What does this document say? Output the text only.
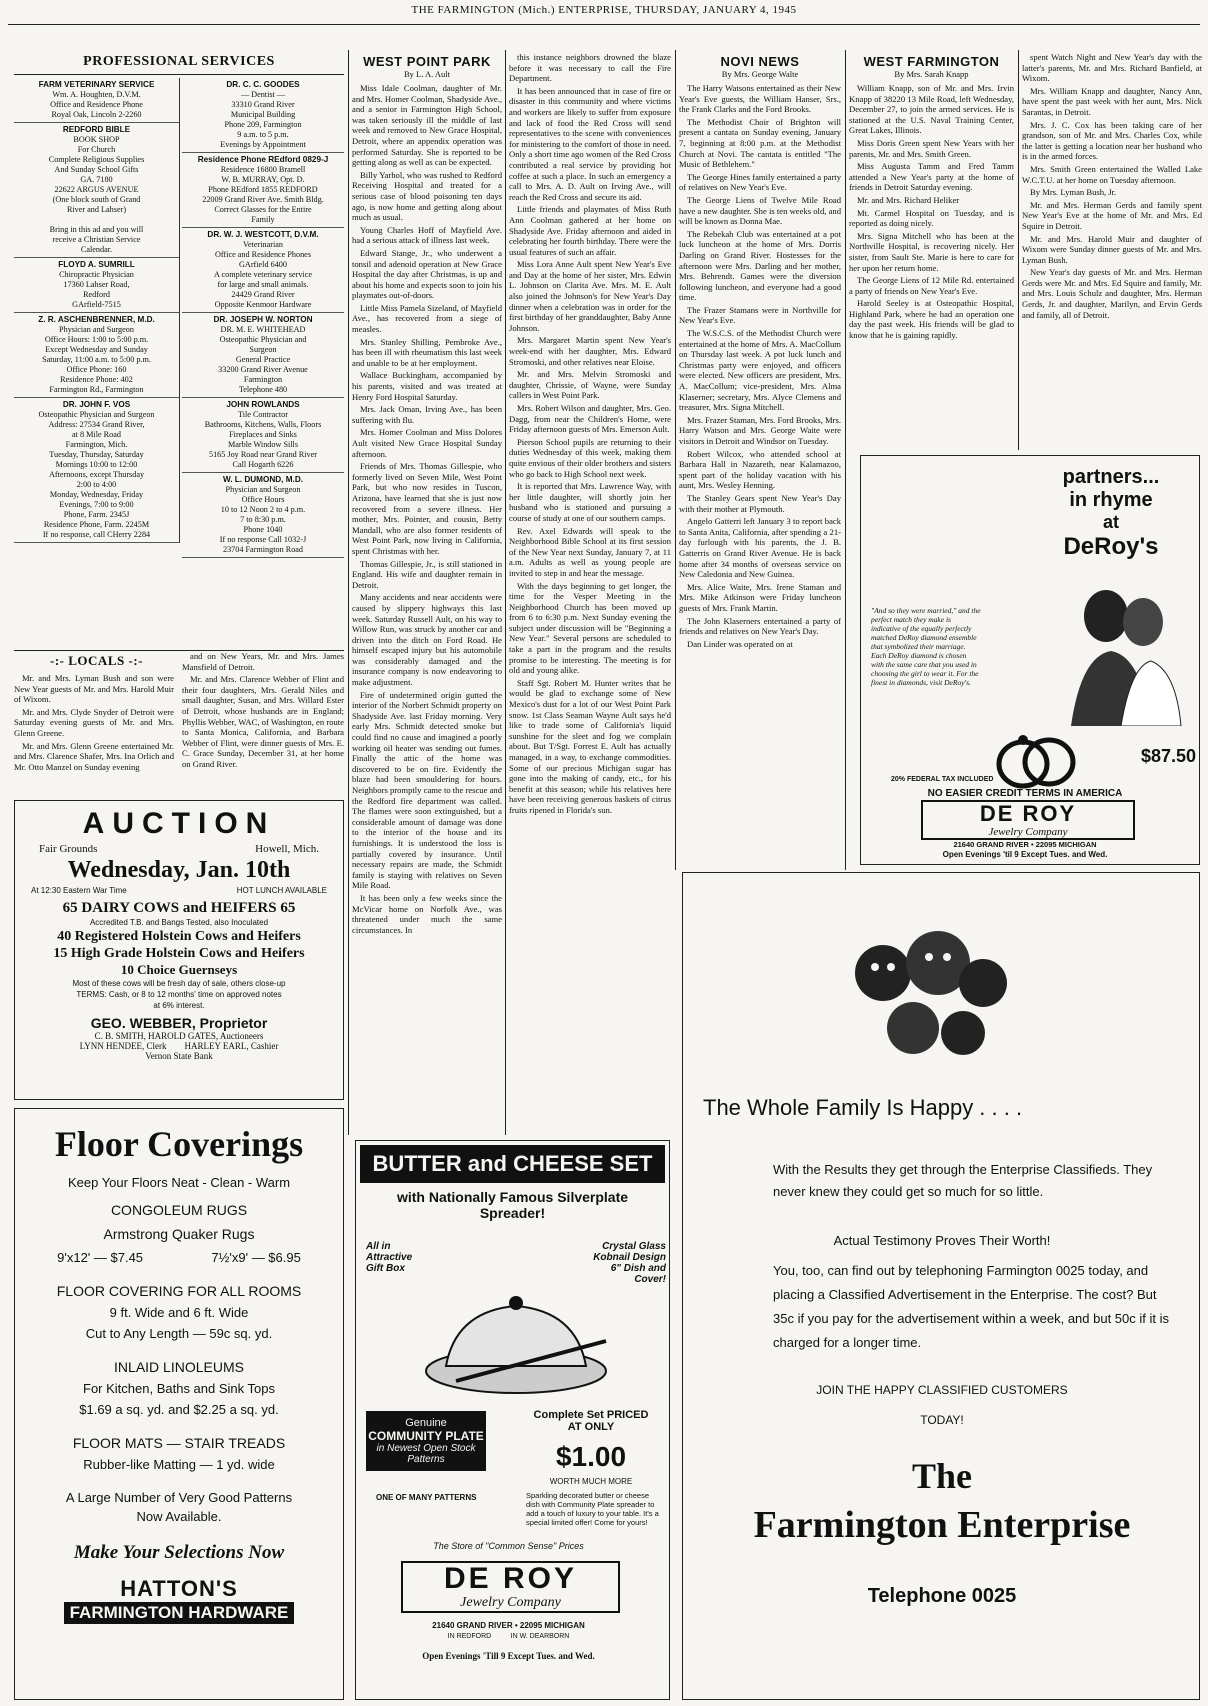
THE FARMINGTON (Mich.) ENTERPRISE, THURSDAY, JANUARY 4, 1945
PROFESSIONAL SERVICES
FARM VETERINARY SERVICE
Wm. A. Houghten, D.V.M.
Office and Residence Phone
Royal Oak, Lincoln 2-2260
REDFORD BIBLE
BOOK SHOP
For Church
Complete Religious Supplies
And Sunday School Gifts
GA. 7180
22622 ARGUS AVENUE
(One block south of Grand
River and Lahser)

Bring in this ad and you will
receive a Christian Service
Calendar.
FLOYD A. SUMRILL
Chiropractic Physician
17360 Lahser Road,
Redford
GArfield-7515
Z. R. ASCHENBRENNER, M.D.
Physician and Surgeon
Office Hours: 1:00 to 5:00 p.m.
Except Wednesday and Sunday
Saturday, 11:00 a.m. to 5:00 p.m.
Office Phone: 160
Residence Phone: 402
Farmington Rd., Farmington
DR. JOHN F. VOS
Osteopathic Physician and Surgeon
Address: 27534 Grand River,
at 8 Mile Road
Farmington, Mich.
Tuesday, Thursday, Saturday
Mornings 10:00 to 12:00
Afternoons, except Thursday
2:00 to 4:00
Monday, Wednesday, Friday
Evenings, 7:00 to 9:00
Phone, Farm. 2345J
Residence Phone, Farm. 2245M
If no response, call CHerry 2284
DR. C. C. GOODES
— Dentist —
33310 Grand River
Municipal Building
Phone 209, Farmington
9 a.m. to 5 p.m.
Evenings by Appointment
Residence Phone REdford 0829-J
Residence 16800 Bramell
W. B. MURRAY, Opt. D.
Phone REdford 1855 REDFORD
22009 Grand River Ave. Smith Bldg.
Correct Glasses for the Entire
Family
DR. W. J. WESTCOTT, D.V.M.
Veterinarian
Office and Residence Phones
GArfield 6400
A complete veterinary service
for large and small animals.
24429 Grand River
Opposite Kenmoor Hardware
DR. JOSEPH W. NORTON
DR. M. E. WHITEHEAD
Osteopathic Physician and
Surgeon
General Practice
33200 Grand River Avenue
Farmington
Telephone 480
JOHN ROWLANDS
Tile Contractor
Bathrooms, Kitchens, Walls, Floors
Fireplaces and Sinks
Marble Window Sills
5165 Joy Road near Grand River
Call Hogarth 6226
W. L. DUMOND, M.D.
Physician and Surgeon
Office Hours
10 to 12 Noon 2 to 4 p.m.
7 to 8:30 p.m.
Phone 1040
If no response Call 1032-J
23704 Farmington Road
-:- LOCALS -:-

Mr. and Mrs. Lyman Bush and son were New Year guests of Mr. and Mrs. Harold Muir of Wixom.

Mr. and Mrs. Clyde Snyder of Detroit were Saturday evening guests of Mr. and Mrs. Glenn Greene.

Mr. and Mrs. Glenn Greene entertained Mr. and Mrs. Clarence Shafer, Mrs. Ina Orlich and Mr. Otto Manzel on Sunday evening

and on New Years, Mr. and Mrs. James Mansfield of Detroit.

Mr. and Mrs. Clarence Webber of Flint and their four daughters, Mrs. Gerald Niles and small daughter, Susan, and Mrs. Willard Ester of Detroit, whose husbands are in England; Phyllis Webber, WAC, of Washington, en route to Santa Monica, California, and Barbara Webber of Flint, were dinner guests of Mrs. E. C. Grace Sunday, December 31, at her home on Grand River.

AUCTION
Fair Grounds	Howell, Mich.
Wednesday, Jan. 10th
At 12:30 Eastern War Time	HOT LUNCH AVAILABLE
65 DAIRY COWS and HEIFERS 65
Accredited T.B. and Bangs Tested, also Inoculated
40 Registered Holstein Cows and Heifers
15 High Grade Holstein Cows and Heifers
10 Choice Guernseys
Most of these cows will be fresh day of sale, others close-up
TERMS: Cash, or 8 to 12 months' time on approved notes
at 6% interest.
GEO. WEBBER, Proprietor
C. B. SMITH, HAROLD GATES, Auctioneers
LYNN HENDEE, Clerk        HARLEY EARL, Cashier
Vernon State Bank
Floor Coverings
Keep Your Floors Neat - Clean - Warm
CONGOLEUM RUGS
Armstrong Quaker Rugs
9'x12' — $7.45	7½'x9' — $6.95
FLOOR COVERING FOR ALL ROOMS
9 ft. Wide and 6 ft. Wide
Cut to Any Length — 59c sq. yd.
INLAID LINOLEUMS
For Kitchen, Baths and Sink Tops
$1.69 a sq. yd. and $2.25 a sq. yd.
FLOOR MATS — STAIR TREADS
Rubber-like Matting — 1 yd. wide
A Large Number of Very Good Patterns
Now Available.
Make Your Selections Now
HATTON'S
FARMINGTON HARDWARE
WEST POINT PARK
By L. A. Ault

Miss Idale Coolman, daughter of Mr. and Mrs. Homer Coolman, Shadyside Ave., and a senior in Farmington High School, was taken seriously ill the middle of last week and removed to New Grace Hospital, Detroit, where an appendix operation was performed Saturday. She is reported to be getting along as well as can be expected.

Billy Yarhol, who was rushed to Redford Receiving Hospital and treated for a serious case of blood poisoning ten days ago, is now home and getting along about much as usual.

Young Charles Hoff of Mayfield Ave. had a serious attack of illness last week.

Edward Stange, Jr., who underwent a tonsil and adenoid operation at New Grace Hospital the day after Christmas, is up and about his home and expects soon to join his playmates out-of-doors.

Little Miss Pamela Sizeland, of Mayfield Ave., has recovered from a siege of measles.

Mrs. Stanley Shilling, Pembroke Ave., has been ill with rheumatism this last week and unable to be at her employment.

Wallace Buckingham, accompanied by his parents, visited and was treated at Henry Ford Hospital Saturday.

Mrs. Jack Oman, Irving Ave., has been suffering with flu.

Mrs. Homer Coolman and Miss Dolores Ault visited New Grace Hospital Sunday afternoon.

Friends of Mrs. Thomas Gillespie, who formerly lived on Seven Mile, West Point Park, but who now resides in Tuscon, Arizona, have learned that she is just now recovered from a severe illness. Her mother, Mrs. Pointer, and cousin, Betty Mandall, who are also former residents of West Point Park, now living in California, spent Christmas with her.

Thomas Gillespie, Jr., is still stationed in England. His wife and daughter remain in Detroit.

Many accidents and near accidents were caused by slippery highways this last week. Saturday Russell Ault, on his way to Willow Run, was struck by another car and driven into the ditch on Ford Road. He himself escaped injury but his automobile was considerably damaged and the insurance company is now endeavoring to make adjustment.

Fire of undetermined origin gutted the interior of the Norbert Schmidt property on Shadyside Ave. last Friday morning. Very early Mrs. Schmidt detected smoke but could find no cause and imagined a poorly working oil heater was sending out fumes. Finally the attic of the home was discovered to be on fire. Evidently the blaze had been smouldering for hours. Neighbors promptly came to the rescue and the Redford fire department was called. The flames were soon extinguished, but a considerable amount of damage was done to the interior of the house and its furnishings. It is understood the loss is partially covered by insurance. Until necessary repairs are made, the Schmidt family is staying with relatives on Seven Mile Road.

It has been only a few weeks since the McVicar home on Norfolk Ave., was threatened under much the same circumstances. In

this instance neighbors drowned the blaze before it was necessary to call the Fire Department.

It has been announced that in case of fire or disaster in this community and where victims and workers are likely to suffer from exposure and lack of food the Red Cross will send representatives to the scene with conveniences for ministering to the comfort of those in need. Only a short time ago women of the Red Cross contributed a real service by providing hot coffee at such a place. In such an emergency a call to Mrs. A. D. Ault on Irving Ave., will reach the Red Cross and secure its aid.

Little friends and playmates of Miss Ruth Ann Coolman gathered at her home on Shadyside Ave. Friday afternoon and aided in celebrating her fourth birthday. There were the usual features of such an affair.

Miss Lora Anne Ault spent New Year's Eve and Day at the home of her sister, Mrs. Edwin L. Johnson on Clarita Ave. Mrs. M. E. Ault also joined the Johnson's for New Year's Day dinner when a celebration was in order for the first birthday of her granddaughter, Baby Anne Johnson.

Mrs. Margaret Martin spent New Year's week-end with her daughter, Mrs. Edward Stromoski, and other relatives near Eloise.

Mr. and Mrs. Melvin Stromoski and daughter, Chrissie, of Wayne, were Sunday callers in West Point Park.

Mrs. Robert Wilson and daughter, Mrs. Geo. Dagg, from near the Children's Home, were Friday afternoon guests of Mrs. Emerson Ault.

Pierson School pupils are returning to their duties Wednesday of this week, making them quite envious of their older brothers and sisters who go back to High School next week.

It is reported that Mrs. Lawrence Way, with her little daughter, will shortly join her husband who is stationed and pursuing a course of study at one of our southern camps.

Rev. Axel Edwards will speak to the Neighborhood Bible School at its first session of the New Year next Sunday, January 7, at 11 a.m. Adults as well as young people are invited to step in and hear the message.

With the days beginning to get longer, the time for the Vesper Meeting in the Neighborhood Church has been moved up from 6 to 6:30 p.m. Next Sunday evening the subject under discussion will be "Beginning a New Year." Several persons are scheduled to take a part in the program and the results promise to be interesting. The meeting is for old and young alike.

Staff Sgt. Robert M. Hunter writes that he would be glad to exchange some of New Mexico's dust for a lot of our West Point Park snow. 1st Class Seaman Wayne Ault says he'd like to trade some of California's liquid sunshine for the sleet and fog we complain about. But T/Sgt. Forrest E. Ault has actually managed, in a way, to exchange commodities. Some of our precious Michigan sugar has gone into the making of candy, etc., for his benefit at this season; while his relatives here have been receiving generous baskets of citrus fruits ripened in Florida's sun.

NOVI NEWS
By Mrs. George Walte

The Harry Watsons entertained as their New Year's Eve guests, the William Hanser, Srs., the Frank Clarks and the Ford Brooks.

The Methodist Choir of Brighton will present a cantata on Sunday evening, January 7, beginning at 8:00 p.m. at the Methodist Church at Novi. The cantata is entitled "The Music of Bethlehem."

The George Hines family entertained a party of relatives on New Year's Eve.

The George Liens of Twelve Mile Road have a new daughter. She is ten weeks old, and will be known as Donna Mae.

The Rebekah Club was entertained at a pot luck luncheon at the home of Mrs. Dorris Darling on Grand River. Hostesses for the afternoon were Mrs. Darling and her mother, Mrs. Behrendt. Games were the diversion following luncheon, and everyone had a good time.

The Frazer Stamans were in Northville for New Year's Eve.

The W.S.C.S. of the Methodist Church were entertained at the home of Mrs. A. MacCollum on Thursday last week. A pot luck lunch and Christmas party were enjoyed, and officers were elected. New officers are president, Mrs. A. MacCollum; vice-president, Mrs. Alma Klaserner; secretary, Mrs. Alyce Clemens and treasurer, Mrs. Signa Mitchell.

Mrs. Frazer Staman, Mrs. Ford Brooks, Mrs. Harry Watson and Mrs. George Waite were visitors in Detroit and Windsor on Tuesday.

Robert Wilcox, who attended school at Barbara Hall in Nazareth, near Kalamazoo, spent part of the holiday vacation with his aunt, Mrs. Wesley Henning.

The Stanley Gears spent New Year's Day with their mother at Plymouth.

Angelo Gatterri left January 3 to report back to Santa Anita, California, after spending a 21-day furlough with his parents, the J. B. Gatterris on Grand River Avenue. He is back home after 34 months of overseas service on New Caledonia and New Guinea.

Mrs. Alice Waite, Mrs. Irene Staman and Mrs. Mike Atkinson were Friday luncheon guests of Mrs. Frank Martin.

The John Klaserners entertained a party of friends and relatives on New Year's Day.

Dan Linder was operated on at

WEST FARMINGTON
By Mrs. Sarah Knapp

William Knapp, son of Mr. and Mrs. Irvin Knapp of 38220 13 Mile Road, left Wednesday, December 27, to join the armed services. He is stationed at the U.S. Naval Training Center, Great Lakes, Illinois.

Miss Doris Green spent New Years with her parents, Mr. and Mrs. Smith Green.

Miss Augusta Tamm and Fred Tamm attended a New Year's party at the home of friends in Detroit Saturday evening.

Mr. and Mrs. Richard Heliker

Mt. Carmel Hospital on Tuesday, and is reported as doing nicely.

Mrs. Signa Mitchell who has been at the Northville Hospital, is recovering nicely. Her sister, from Sault Ste. Marie is here to care for her upon her return home.

The George Liens of 12 Mile Rd. entertained a party of friends on New Year's Eve.

Harold Seeley is at Osteopathic Hospital, Highland Park, where he had an operation one day the past week. His friends will be glad to know that he is gaining rapidly.

spent Watch Night and New Year's day with the latter's parents, Mr. and Mrs. Richard Banfield, at Wixom.

Mrs. William Knapp and daughter, Nancy Ann, have spent the past week with her aunt, Mrs. Nick Sarantas, in Detroit.

Mrs. J. C. Cox has been taking care of her grandson, son of Mr. and Mrs. Charles Cox, while the latter is getting a location near her husband who is in the armed forces.

Mrs. Smith Green entertained the Walled Lake W.C.T.U. at her home on Tuesday afternoon.

By Mrs. Lyman Bush, Jr.

Mr. and Mrs. Herman Gerds and family spent New Year's Eve at the home of Mr. and Mrs. Ed Squire in Detroit.

Mr. and Mrs. Harold Muir and daughter of Wixom were Sunday dinner guests of Mr. and Mrs. Lyman Bush.

New Year's day guests of Mr. and Mrs. Herman Gerds were Mr. and Mrs. Ed Squire and family, Mr. and Mrs. Louis Schulz and daughter, Mrs. Herman Gerds, Jr. and daughter, Marilyn, and Ervin Gerds and family, all of Detroit.

partners...
in rhyme
at
DeRoy's
"And so they were married," and the perfect match they make is indicative of the equally perfectly matched DeRoy diamond ensemble that symbolized their marriage. Each DeRoy diamond is chosen with the same care that you used in choosing the girl to wear it. For the finest in diamonds, visit DeRoy's.
$87.50
20% FEDERAL TAX INCLUDED
NO EASIER CREDIT TERMS IN AMERICA
DE ROY
Jewelry Company
21640 GRAND RIVER • 22095 MICHIGAN
Open Evenings 'til 9 Except Tues. and Wed.
BUTTER and CHEESE SET
with Nationally Famous Silverplate Spreader!
All in Attractive Gift Box
Crystal Glass Kobnail Design 6" Dish and Cover!
Genuine
COMMUNITY PLATE
in Newest Open Stock Patterns
Complete Set PRICED AT ONLY
$1.00
WORTH MUCH MORE
Sparkling decorated butter or cheese dish with Community Plate spreader to add a touch of luxury to your table. It's a special limited offer! Come for yours!
ONE OF MANY PATTERNS
The Store of "Common Sense" Prices
DE ROY
Jewelry Company
21640 GRAND RIVER • 22095 MICHIGAN
IN REDFORD          IN W. DEARBORN
Open Evenings 'Till 9 Except Tues. and Wed.
The Whole Family Is Happy . . . .
With the Results they get through the Enterprise Classifieds. They never knew they could get so much for so little.
Actual Testimony Proves Their Worth!
You, too, can find out by telephoning Farmington 0025 today, and placing a Classified Advertisement in the Enterprise. The cost? But 35c if you pay for the advertisement within a week, and but 50c if it is charged for a longer time.
JOIN THE HAPPY CLASSIFIED CUSTOMERS
TODAY!
The
Farmington Enterprise
Telephone 0025
